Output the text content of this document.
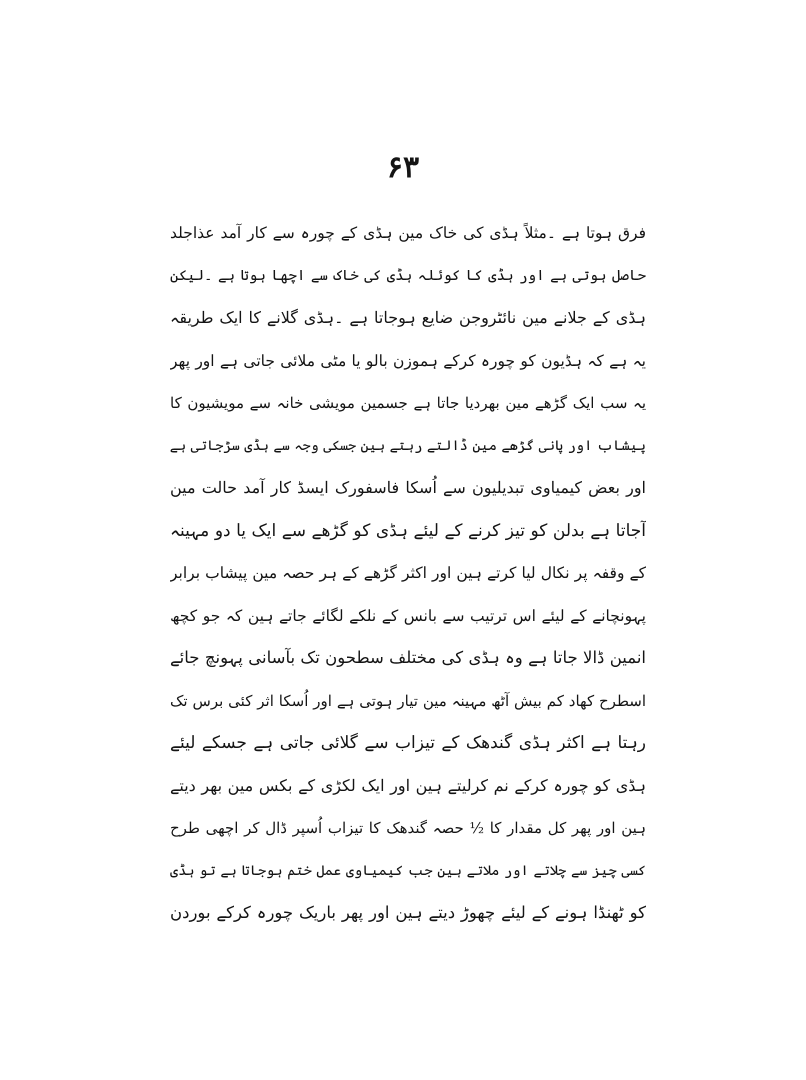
۶۳
فرق ہوتا ہے ۔مثلاً ہڈی کی خاک مین ہڈی کے چورہ سے کار آمد عذاجلد
حاصل ہوتی ہے اور ہڈی کا کوئلہ ہڈی کی خاک سے اچھا ہوتا ہے ۔لیکن
ہڈی کے جلانے مین نائٹروجن ضایع ہوجاتا ہے ۔ہڈی گلانے کا ایک طریقہ
یہ ہے کہ ہڈیون کو چورہ کرکے ہموزن بالو یا مٹی ملائی جاتی ہے اور پھر
یہ سب ایک گڑھے مین بھردیا جاتا ہے جسمین مویشی خانہ سے مویشیون کا
پیشاب اور پانی گڑھے مین ڈالتے رہتے ہین جسکی وجہ سے ہڈی سڑجاتی ہے
اور بعض کیمیاوی تبدیلیون سے اُسکا فاسفورک ایسڈ کار آمد حالت مین
آجاتا ہے بدلن کو تیز کرنے کے لیئے ہڈی کو گڑھے سے ایک یا دو مہینہ
کے وقفہ پر نکال لیا کرتے ہین اور اکثر گڑھے کے ہر حصہ مین پیشاب برابر
پہونچانے کے لیئے اس ترتیب سے بانس کے نلکے لگائے جاتے ہین کہ جو کچھ
انمین ڈالا جاتا ہے وہ ہڈی کی مختلف سطحون تک بآسانی پہونچ جائے
اسطرح کھاد کم بیش آٹھ مہینہ مین تیار ہوتی ہے اور اُسکا اثر کئی برس تک
رہتا ہے اکثر ہڈی گندھک کے تیزاب سے گلائی جاتی ہے جسکے لیئے
ہڈی کو چورہ کرکے نم کرلیتے ہین اور ایک لکڑی کے بکس مین بھر دیتے
ہین اور پھر کل مقدار کا ½ حصہ گندھک کا تیزاب اُسپر ڈال کر اچھی طرح
کسی چیز سے چلاتے اور ملاتے ہین جب کیمیاوی عمل ختم ہوجاتا ہے تو ہڈی
کو ٹھنڈا ہونے کے لیئے چھوڑ دیتے ہین اور پھر باریک چورہ کرکے بوردن
